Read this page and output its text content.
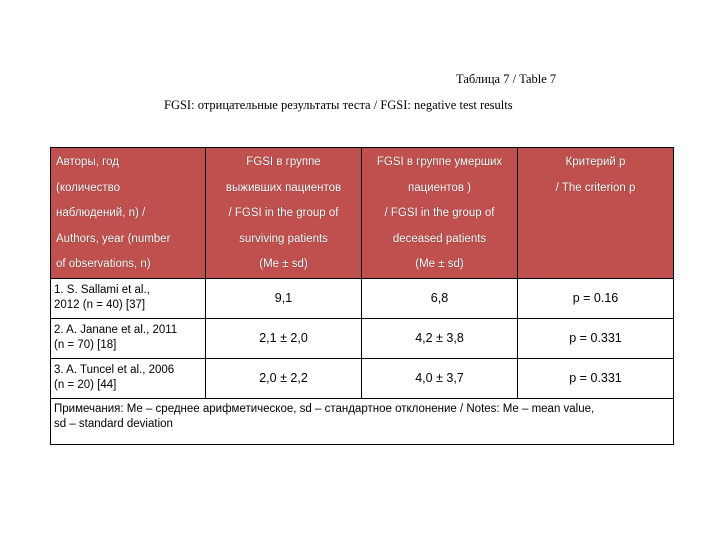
Таблица 7 / Table 7
FGSI: отрицательные результаты теста / FGSI: negative test results
Авторы, год
(количество
наблюдений, n) /
Authors, year (number
of observations, n)	FGSI в группе
выживших пациентов
/ FGSI in the group of
surviving patients
(Me ± sd)	FGSI в группе умерших
пациентов )
/ FGSI in the group of
deceased patients
(Me ± sd)	Критерий р
/ The criterion p

1. S. Sallami et al.,
2012 (n = 40) [37]	9,1	6,8	p = 0.16

2. A. Janane et al., 2011
(n = 70) [18]	2,1 ± 2,0	4,2 ± 3,8	p = 0.331

3. A. Tuncel et al., 2006
(n = 20) [44]	2,0 ± 2,2	4,0 ± 3,7	p = 0.331

Примечания: Me – среднее арифметическое, sd – стандартное отклонение / Notes: Me – mean value,
sd – standard deviation			
